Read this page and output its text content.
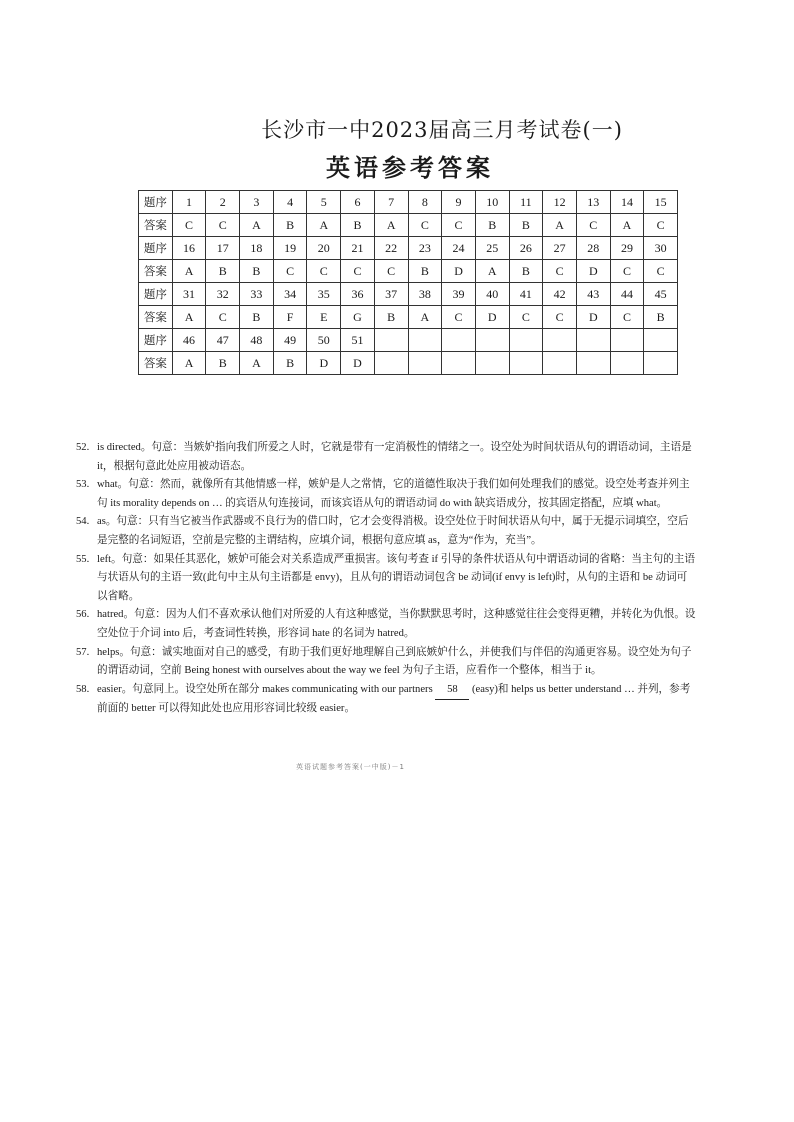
长沙市一中2023届高三月考试卷(一)
英语参考答案
题序	1	2	3	4	5	6	7	8	9	10	11	12	13	14	15
答案	C	C	A	B	A	B	A	C	C	B	B	A	C	A	C
题序	16	17	18	19	20	21	22	23	24	25	26	27	28	29	30
答案	A	B	B	C	C	C	C	B	D	A	B	C	D	C	C
题序	31	32	33	34	35	36	37	38	39	40	41	42	43	44	45
答案	A	C	B	F	E	G	B	A	C	D	C	C	D	C	B
题序	46	47	48	49	50	51									
答案	A	B	A	B	D	D									
52. is directed。句意：当嫉妒指向我们所爱之人时，它就是带有一定消极性的情绪之一。设空处为时间状语从句的谓语动词，主语是 it，根据句意此处应用被动语态。
53. what。句意：然而，就像所有其他情感一样，嫉妒是人之常情，它的道德性取决于我们如何处理我们的感觉。设空处考查并列主句 its morality depends on … 的宾语从句连接词，而该宾语从句的谓语动词 do with 缺宾语成分，按其固定搭配，应填 what。
54. as。句意：只有当它被当作武器或不良行为的借口时，它才会变得消极。设空处位于时间状语从句中，属于无提示词填空，空后是完整的名词短语，空前是完整的主谓结构，应填介词，根据句意应填 as，意为“作为，充当”。
55. left。句意：如果任其恶化，嫉妒可能会对关系造成严重损害。该句考查 if 引导的条件状语从句中谓语动词的省略：当主句的主语与状语从句的主语一致(此句中主从句主语都是 envy)，且从句的谓语动词包含 be 动词(if envy is left)时，从句的主语和 be 动词可以省略。
56. hatred。句意：因为人们不喜欢承认他们对所爱的人有这种感觉，当你默默思考时，这种感觉往往会变得更糟，并转化为仇恨。设空处位于介词 into 后，考查词性转换，形容词 hate 的名词为 hatred。
57. helps。句意：诚实地面对自己的感受，有助于我们更好地理解自己到底嫉妒什么，并使我们与伴侣的沟通更容易。设空处为句子的谓语动词，空前 Being honest with ourselves about the way we feel 为句子主语，应看作一个整体，相当于 it。
58. easier。句意同上。设空处所在部分 makes communicating with our partners 58 (easy)和 helps us better understand … 并列，参考前面的 better 可以得知此处也应用形容词比较级 easier。
英语试题参考答案(一中版)－1
